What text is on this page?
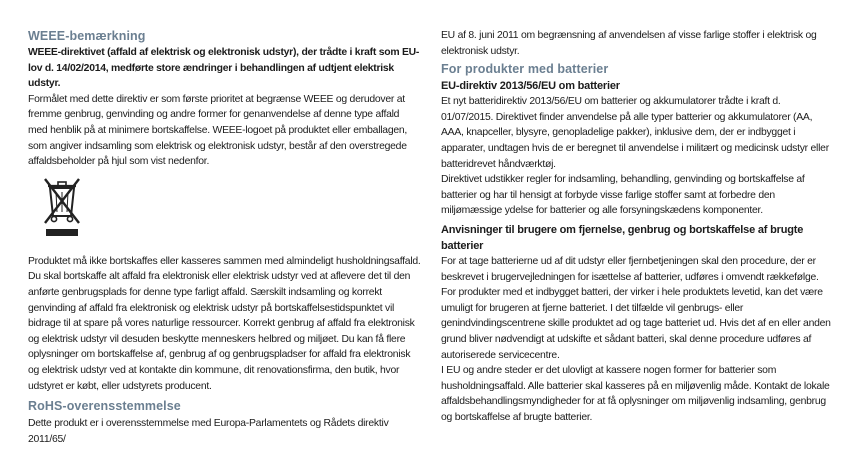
WEEE-bemærkning

WEEE-direktivet (affald af elektrisk og elektronisk udstyr), der trådte i kraft som EU-lov d. 14/02/2014, medførte store ændringer i behandlingen af udtjent elektrisk udstyr.

Formålet med dette direktiv er som første prioritet at begrænse WEEE og derudover at fremme genbrug, genvinding og andre former for genanvendelse af denne type affald med henblik på at minimere bortskaffelse. WEEE-logoet på produktet eller emballagen, som angiver indsamling som elektrisk og elektronisk udstyr, består af den overstregede affaldsbeholder på hjul som vist nedenfor.

Produktet må ikke bortskaffes eller kasseres sammen med almindeligt husholdningsaffald. Du skal bortskaffe alt affald fra elektronisk eller elektrisk udstyr ved at aflevere det til den anførte genbrugsplads for denne type farligt affald. Særskilt indsamling og korrekt genvinding af affald fra elektronisk og elektrisk udstyr på bortskaffelsestidspunktet vil bidrage til at spare på vores naturlige ressourcer. Korrekt genbrug af affald fra elektronisk og elektrisk udstyr vil desuden beskytte menneskers helbred og miljøet. Du kan få flere oplysninger om bortskaffelse af, genbrug af og genbrugspladser for affald fra elektronisk og elektrisk udstyr ved at kontakte din kommune, dit renovationsfirma, den butik, hvor udstyret er købt, eller udstyrets producent.

RoHS-overensstemmelse

Dette produkt er i overensstemmelse med Europa-Parlamentets og Rådets direktiv 2011/65/

EU af 8. juni 2011 om begrænsning af anvendelsen af visse farlige stoffer i elektrisk og elektronisk udstyr.

For produkter med batterier
EU-direktiv 2013/56/EU om batterier

Et nyt batteridirektiv 2013/56/EU om batterier og akkumulatorer trådte i kraft d. 01/07/2015. Direktivet finder anvendelse på alle typer batterier og akkumulatorer (AA, AAA, knapceller, blysyre, genopladelige pakker), inklusive dem, der er indbygget i apparater, undtagen hvis de er beregnet til anvendelse i militært og medicinsk udstyr eller batteridrevet håndværktøj.

Direktivet udstikker regler for indsamling, behandling, genvinding og bortskaffelse af batterier og har til hensigt at forbyde visse farlige stoffer samt at forbedre den miljømæssige ydelse for batterier og alle forsyningskædens komponenter.

Anvisninger til brugere om fjernelse, genbrug og bortskaffelse af brugte batterier

For at tage batterierne ud af dit udstyr eller fjernbetjeningen skal den procedure, der er beskrevet i brugervejledningen for isættelse af batterier, udføres i omvendt rækkefølge. For produkter med et indbygget batteri, der virker i hele produktets levetid, kan det være umuligt for brugeren at fjerne batteriet. I det tilfælde vil genbrugs- eller genindvindingscentrene skille produktet ad og tage batteriet ud. Hvis det af en eller anden grund bliver nødvendigt at udskifte et sådant batteri, skal denne procedure udføres af autoriserede servicecentre.

I EU og andre steder er det ulovligt at kassere nogen former for batterier som husholdningsaffald. Alle batterier skal kasseres på en miljøvenlig måde. Kontakt de lokale affaldsbehandlingsmyndigheder for at få oplysninger om miljøvenlig indsamling, genbrug og bortskaffelse af brugte batterier.
